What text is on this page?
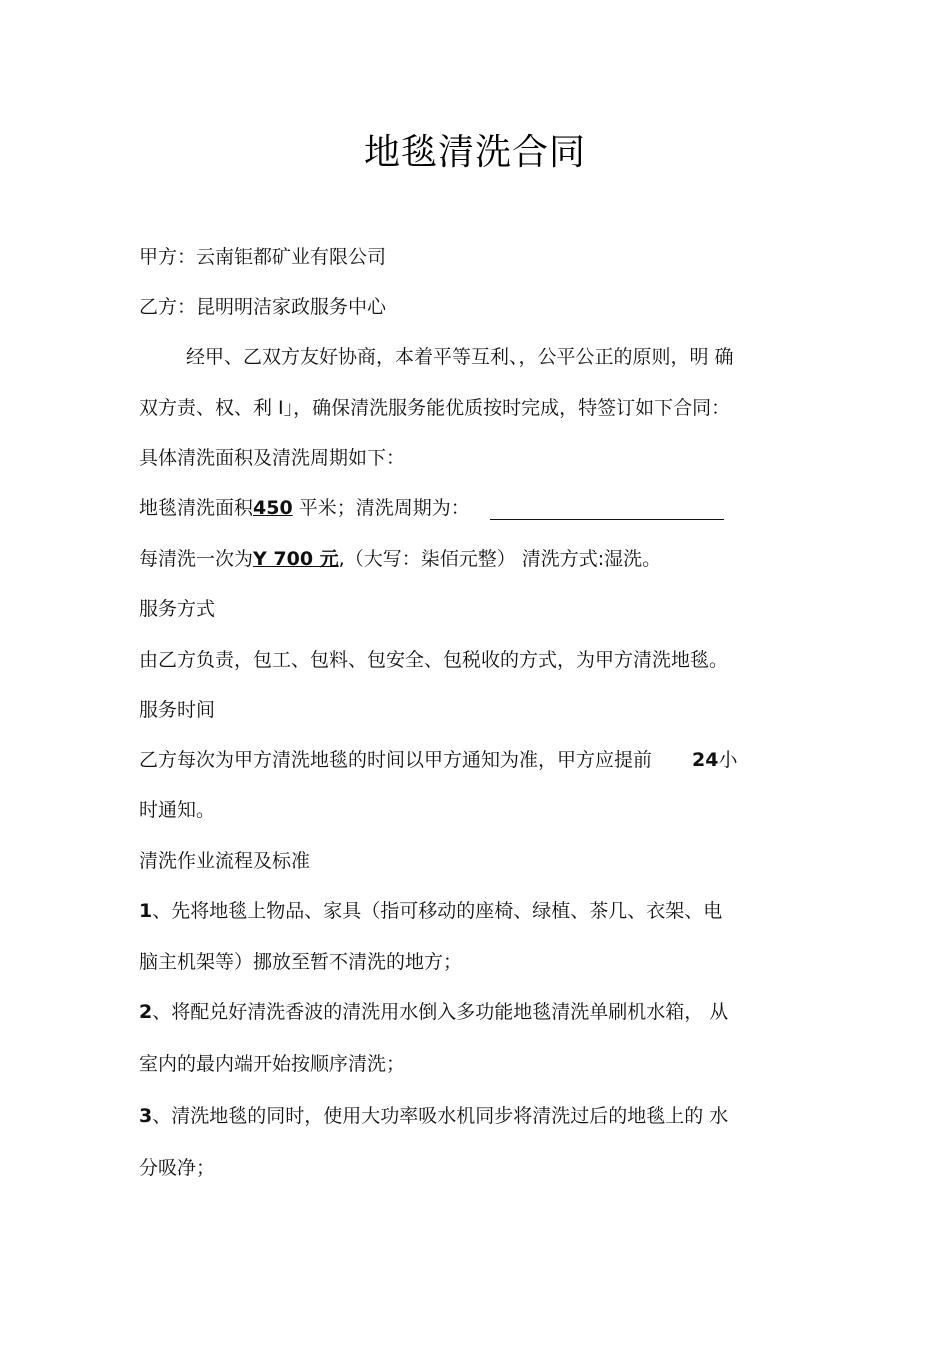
地毯清洗合同
甲方：云南钜都矿业有限公司
乙方：昆明明洁家政服务中心
经甲、乙双方友好协商，本着平等互利、，公平公正的原则，明 确
双方责、权、利 I」，确保清洗服务能优质按时完成，特签订如下合同：
具体清洗面积及清洗周期如下：
地毯清洗面积450 平米；清洗周期为：
每清洗一次为Y 700 元,（大写：柒佰元整） 清洗方式:湿洗。
服务方式
由乙方负责，包工、包料、包安全、包税收的方式，为甲方清洗地毯。
服务时间
乙方每次为甲方清洗地毯的时间以甲方通知为准，甲方应提前 24小
时通知。
清洗作业流程及标准
1、先将地毯上物品、家具（指可移动的座椅、绿植、茶几、衣架、电
脑主机架等）挪放至暂不清洗的地方；
2、将配兑好清洗香波的清洗用水倒入多功能地毯清洗单刷机水箱， 从
室内的最内端开始按顺序清洗；
3、清洗地毯的同时，使用大功率吸水机同步将清洗过后的地毯上的 水
分吸净；
